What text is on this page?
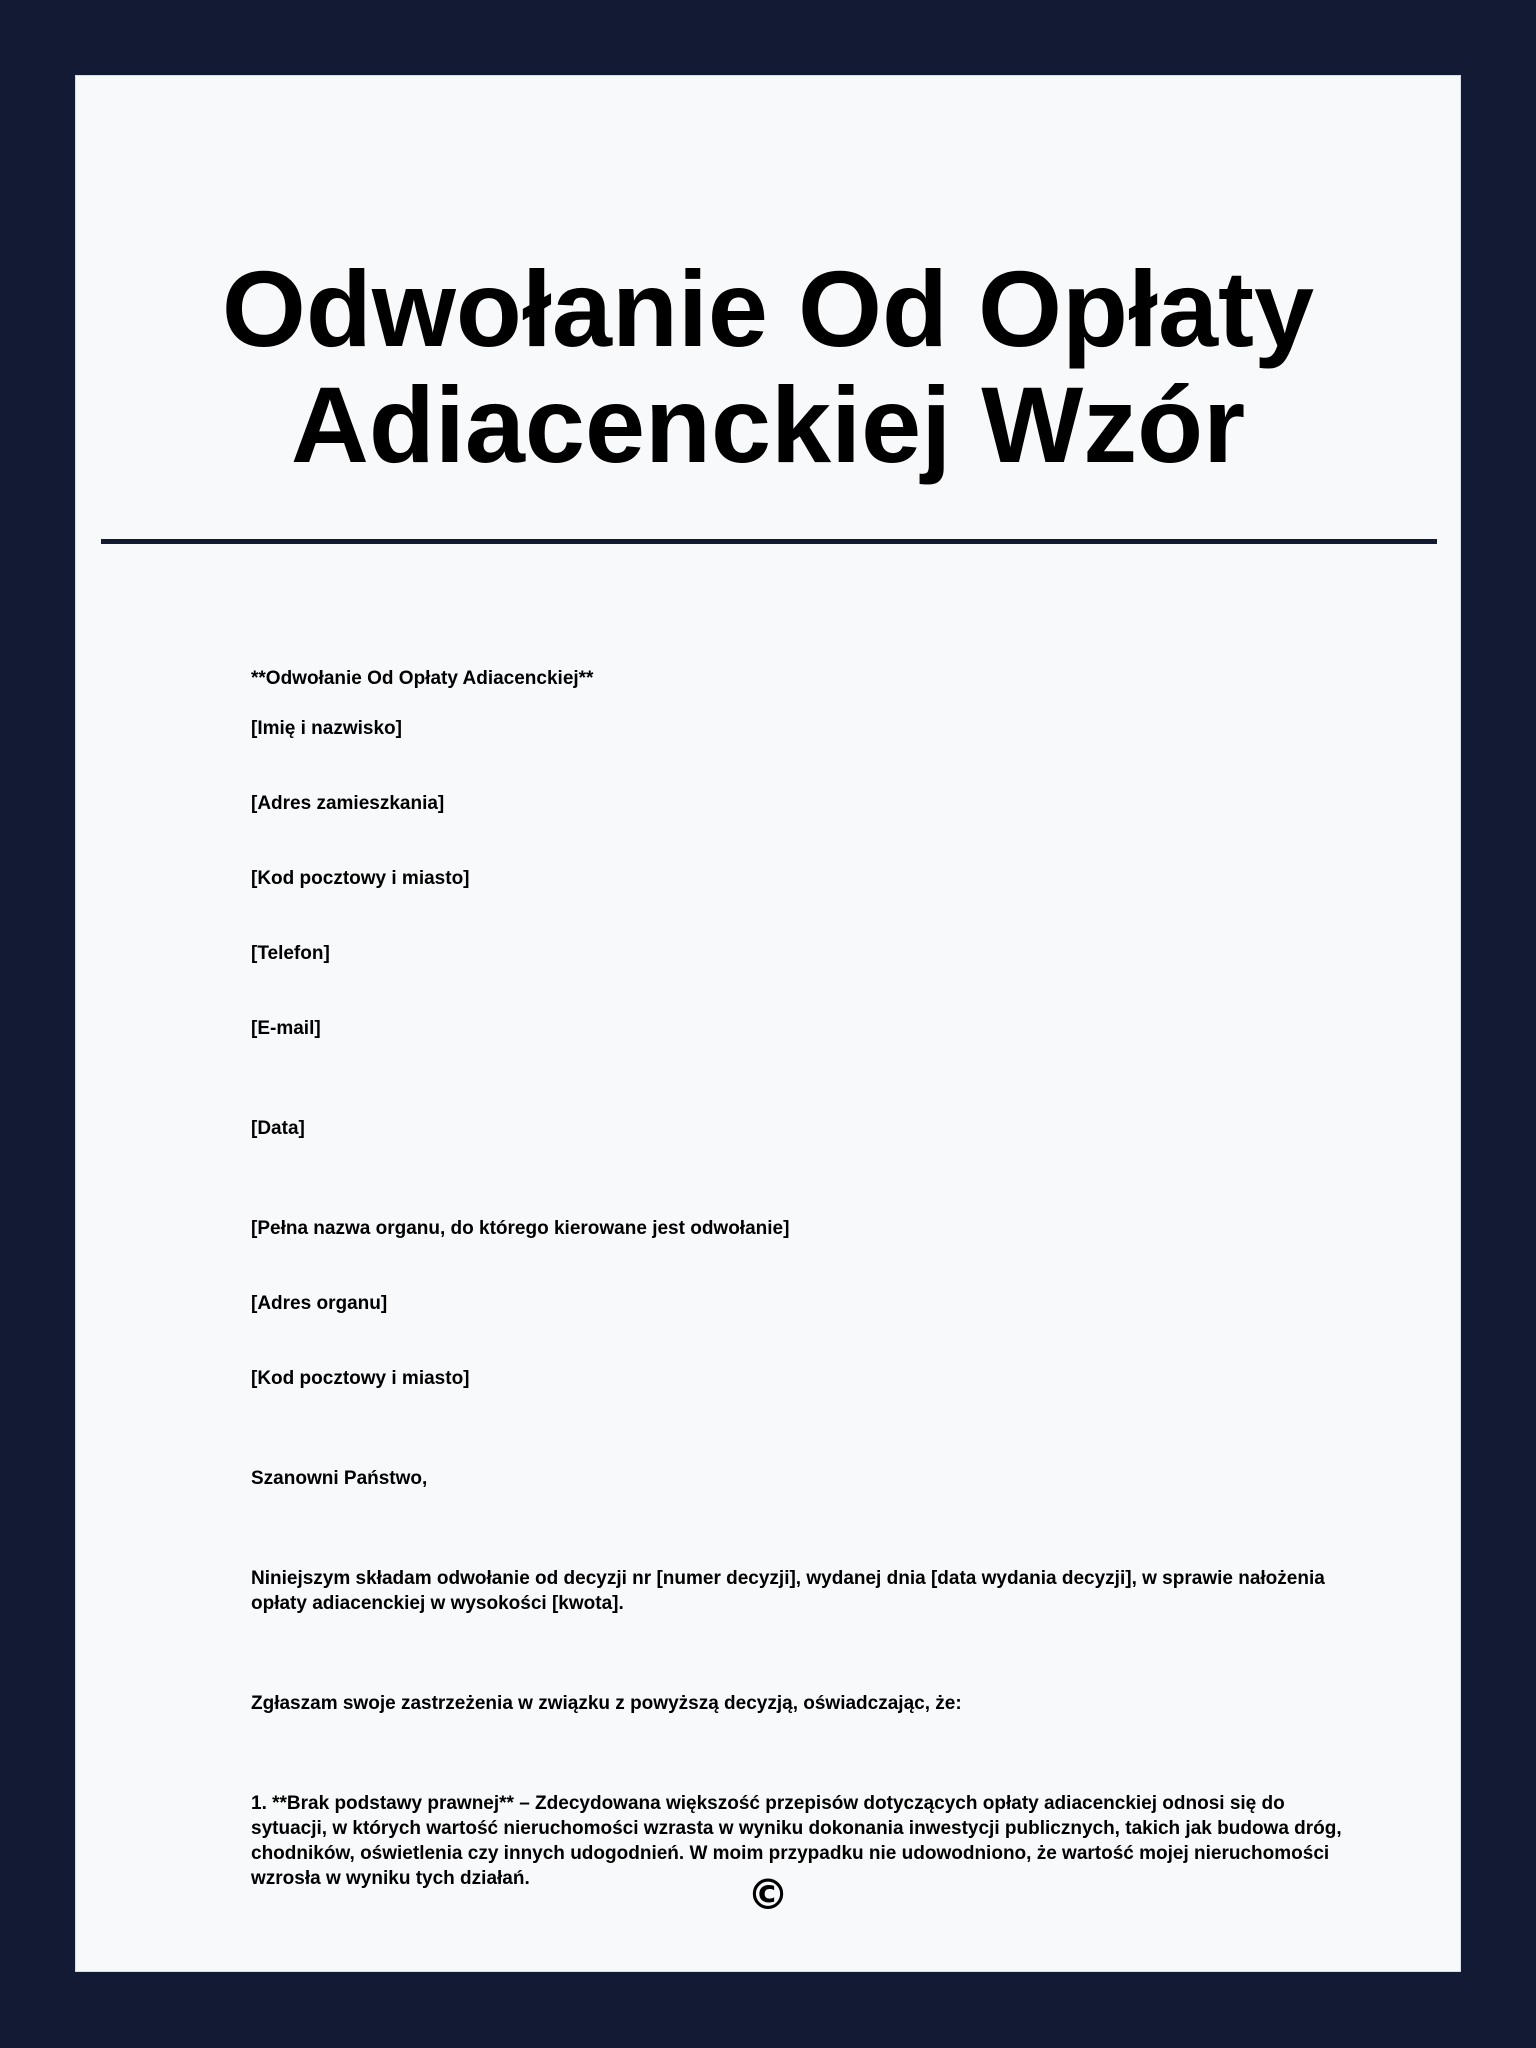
Odwołanie Od Opłaty
Adiacenckiej Wzór

**Odwołanie Od Opłaty Adiacenckiej**

[Imię i nazwisko]

[Adres zamieszkania]

[Kod pocztowy i miasto]

[Telefon]

[E-mail]

[Data]

[Pełna nazwa organu, do którego kierowane jest odwołanie]

[Adres organu]

[Kod pocztowy i miasto]

Szanowni Państwo,

Niniejszym składam odwołanie od decyzji nr [numer decyzji], wydanej dnia [data wydania decyzji], w sprawie nałożenia opłaty adiacenckiej w wysokości [kwota].

Zgłaszam swoje zastrzeżenia w związku z powyższą decyzją, oświadczając, że:

1. **Brak podstawy prawnej** – Zdecydowana większość przepisów dotyczących opłaty adiacenckiej odnosi się do sytuacji, w których wartość nieruchomości wzrasta w wyniku dokonania inwestycji publicznych, takich jak budowa dróg, chodników, oświetlenia czy innych udogodnień. W moim przypadku nie udowodniono, że wartość mojej nieruchomości wzrosła w wyniku tych działań.	©
